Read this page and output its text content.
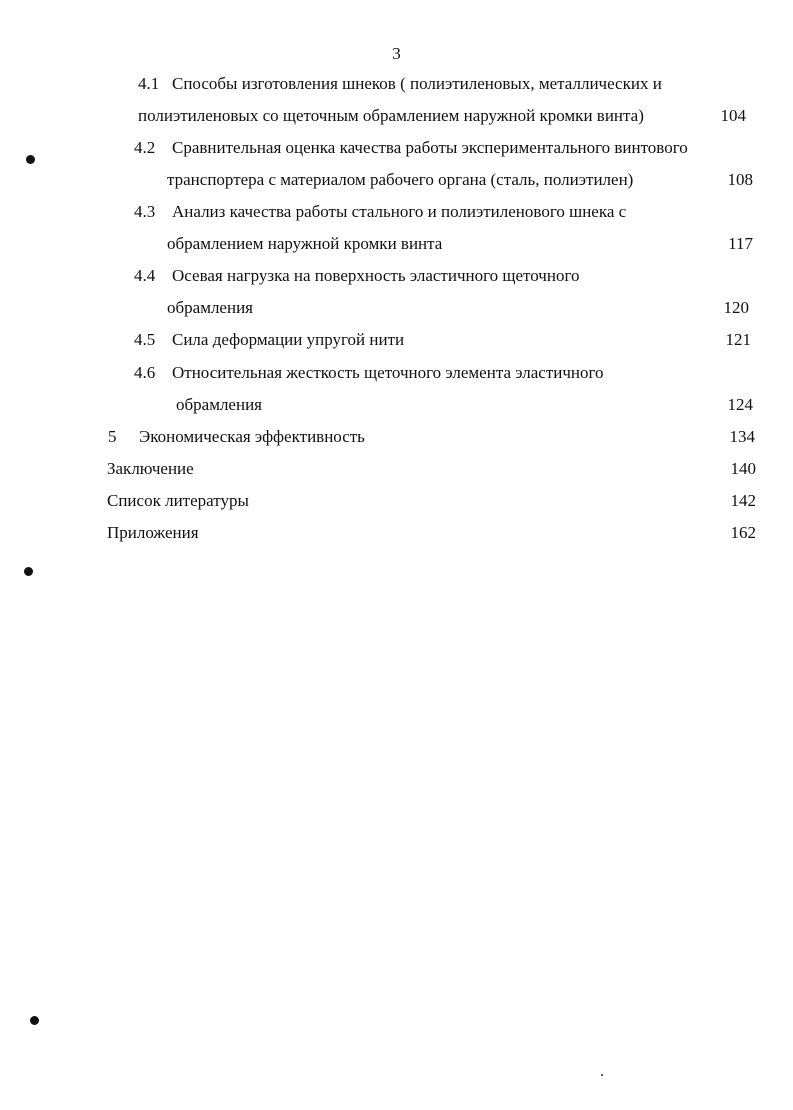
3
4.1 Способы изготовления шнеков ( полиэтиленовых, металлических и
полиэтиленовых со щеточным обрамлением наружной кромки винта)	104
4.2 Сравнительная оценка качества работы экспериментального винтового
транспортера с материалом рабочего органа (сталь, полиэтилен)	108
4.3 Анализ качества работы стального и полиэтиленового шнека с
обрамлением наружной кромки винта	117
4.4 Осевая нагрузка на поверхность эластичного щеточного
обрамления	120
4.5 Сила деформации упругой нити	121
4.6 Относительная жесткость щеточного элемента эластичного
обрамления	124
5 Экономическая эффективность	134
Заключение	140
Список литературы	142
Приложения	162
